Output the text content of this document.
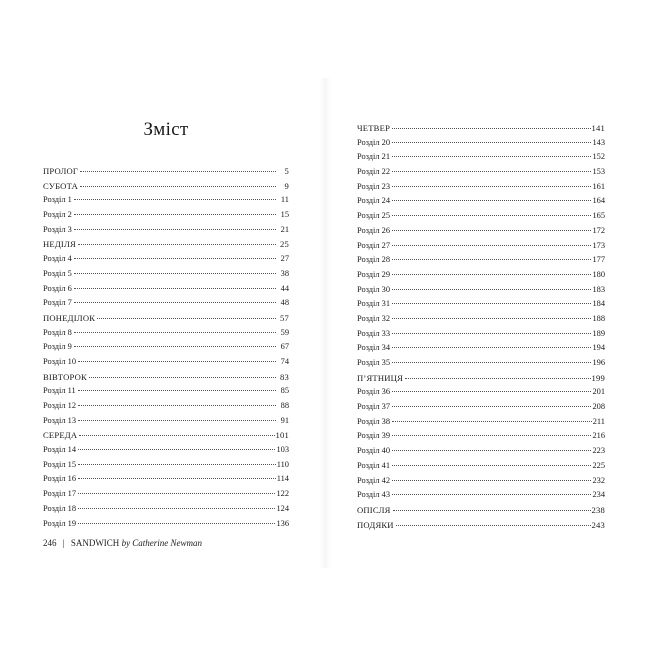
Зміст
ПРОЛОГ	5
СУБОТА	9
Розділ 1	11
Розділ 2	15
Розділ 3	21
НЕДІЛЯ	25
Розділ 4	27
Розділ 5	38
Розділ 6	44
Розділ 7	48
ПОНЕДІЛОК	57
Розділ 8	59
Розділ 9	67
Розділ 10	74
ВІВТОРОК	83
Розділ 11	85
Розділ 12	88
Розділ 13	91
СЕРЕДА	101
Розділ 14	103
Розділ 15	110
Розділ 16	114
Розділ 17	122
Розділ 18	124
Розділ 19	136
246 | SANDWICH by Catherine Newman
ЧЕТВЕР	141
Розділ 20	143
Розділ 21	152
Розділ 22	153
Розділ 23	161
Розділ 24	164
Розділ 25	165
Розділ 26	172
Розділ 27	173
Розділ 28	177
Розділ 29	180
Розділ 30	183
Розділ 31	184
Розділ 32	188
Розділ 33	189
Розділ 34	194
Розділ 35	196
П’ЯТНИЦЯ	199
Розділ 36	201
Розділ 37	208
Розділ 38	211
Розділ 39	216
Розділ 40	223
Розділ 41	225
Розділ 42	232
Розділ 43	234
ОПІСЛЯ	238
ПОДЯКИ	243
